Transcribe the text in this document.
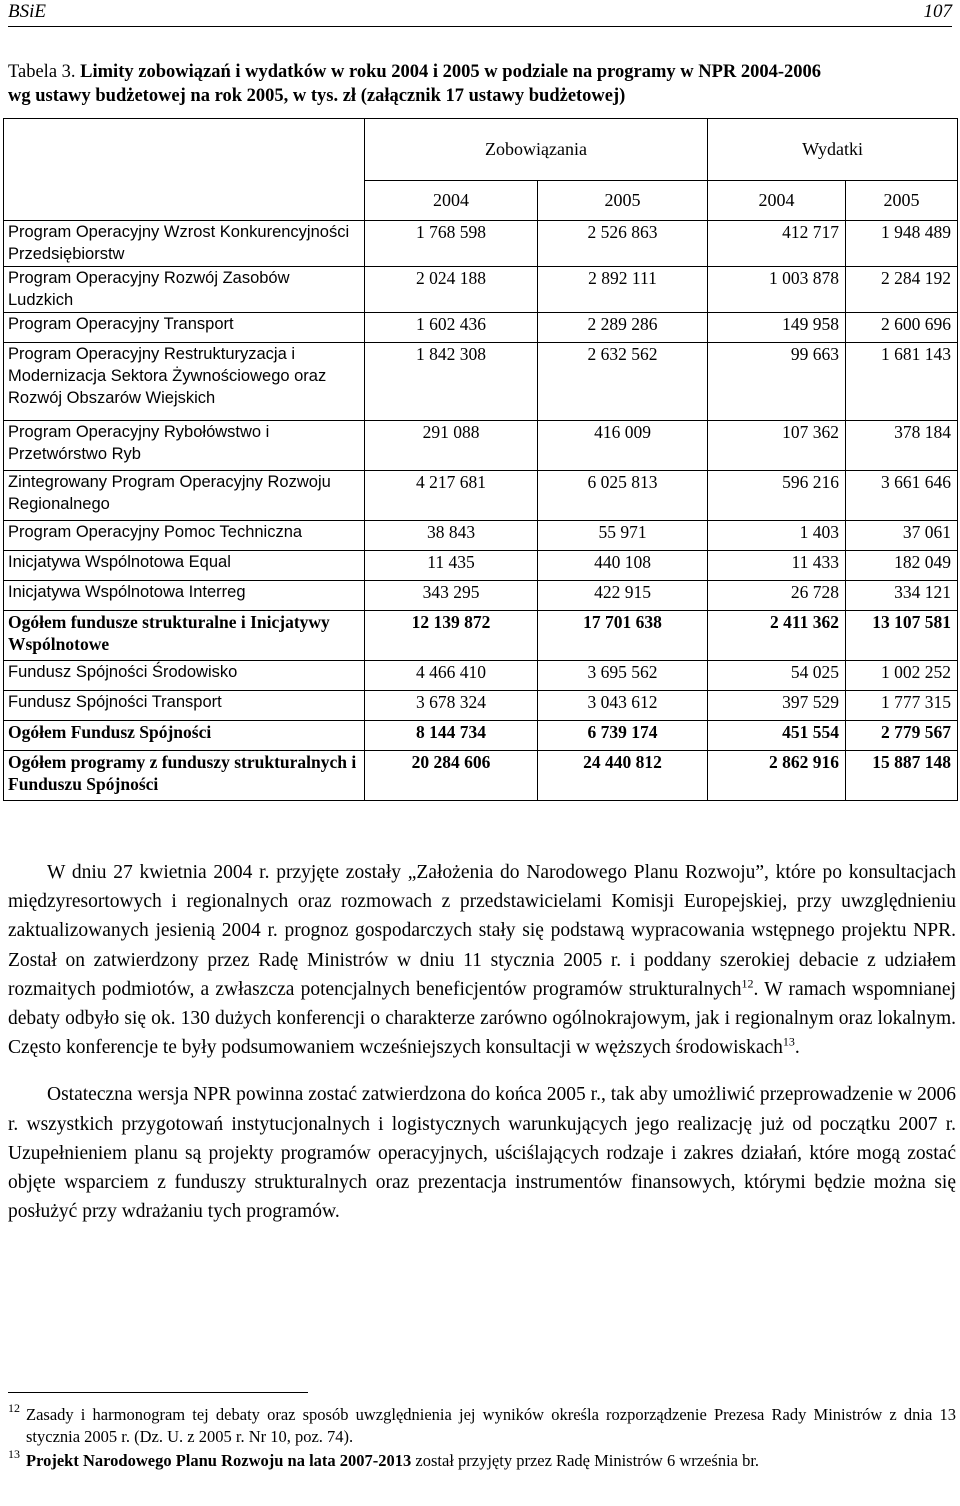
BSiE	107
Tabela 3. Limity zobowiązań i wydatków w roku 2004 i 2005 w podziale na programy w NPR 2004-2006
wg ustawy budżetowej na rok 2005, w tys. zł (załącznik 17 ustawy budżetowej)
	Zobowiązania		Wydatki	
	2004	2005	2004	2005
Program Operacyjny Wzrost Konkurencyjności Przedsiębiorstw	1 768 598	2 526 863	412 717	1 948 489
Program Operacyjny Rozwój Zasobów Ludzkich	2 024 188	2 892 111	1 003 878	2 284 192
Program Operacyjny Transport	1 602 436	2 289 286	149 958	2 600 696
Program Operacyjny Restrukturyzacja i Modernizacja Sektora Żywnościowego oraz Rozwój Obszarów Wiejskich	1 842 308	2 632 562	99 663	1 681 143
Program Operacyjny Rybołówstwo i Przetwórstwo Ryb	291 088	416 009	107 362	378 184
Zintegrowany Program Operacyjny Rozwoju Regionalnego	4 217 681	6 025 813	596 216	3 661 646
Program Operacyjny Pomoc Techniczna	38 843	55 971	1 403	37 061
Inicjatywa Wspólnotowa Equal	11 435	440 108	11 433	182 049
Inicjatywa Wspólnotowa Interreg	343 295	422 915	26 728	334 121
Ogółem fundusze strukturalne i Inicjatywy Wspólnotowe	12 139 872	17 701 638	2 411 362	13 107 581
Fundusz Spójności Środowisko	4 466 410	3 695 562	54 025	1 002 252
Fundusz Spójności Transport	3 678 324	3 043 612	397 529	1 777 315
Ogółem Fundusz Spójności	8 144 734	6 739 174	451 554	2 779 567
Ogółem programy z funduszy strukturalnych i Funduszu Spójności	20 284 606	24 440 812	2 862 916	15 887 148

W dniu 27 kwietnia 2004 r. przyjęte zostały „Założenia do Narodowego Planu Rozwoju”, które po konsultacjach międzyresortowych i regionalnych oraz rozmowach z przedstawicielami Komisji Europejskiej, przy uwzględnieniu zaktualizowanych jesienią 2004 r. prognoz gospodarczych stały się podstawą wypracowania wstępnego projektu NPR. Został on zatwierdzony przez Radę Ministrów w dniu 11 stycznia 2005 r. i poddany szerokiej debacie z udziałem rozmaitych podmiotów, a zwłaszcza potencjalnych beneficjentów programów strukturalnych$^{12}$. W ramach wspomnianej debaty odbyło się ok. 130 dużych konferencji o charakterze zarówno ogólnokrajowym, jak i regionalnym oraz lokalnym. Często konferencje te były podsumowaniem wcześniejszych konsultacji w węższych środowiskach$^{13}$.

Ostateczna wersja NPR powinna zostać zatwierdzona do końca 2005 r., tak aby umożliwić przeprowadzenie w 2006 r. wszystkich przygotowań instytucjonalnych i logistycznych warunkujących jego realizację już od początku 2007 r. Uzupełnieniem planu są projekty programów operacyjnych, uściślających rodzaje i zakres działań, które mogą zostać objęte wsparciem z funduszy strukturalnych oraz prezentacja instrumentów finansowych, którymi będzie można się posłużyć przy wdrażaniu tych programów.

12 Zasady i harmonogram tej debaty oraz sposób uwzględnienia jej wyników określa rozporządzenie Prezesa Rady Ministrów z dnia 13 stycznia 2005 r. (Dz. U. z 2005 r. Nr 10, poz. 74).
13 Projekt Narodowego Planu Rozwoju na lata 2007-2013 został przyjęty przez Radę Ministrów 6 września br.
